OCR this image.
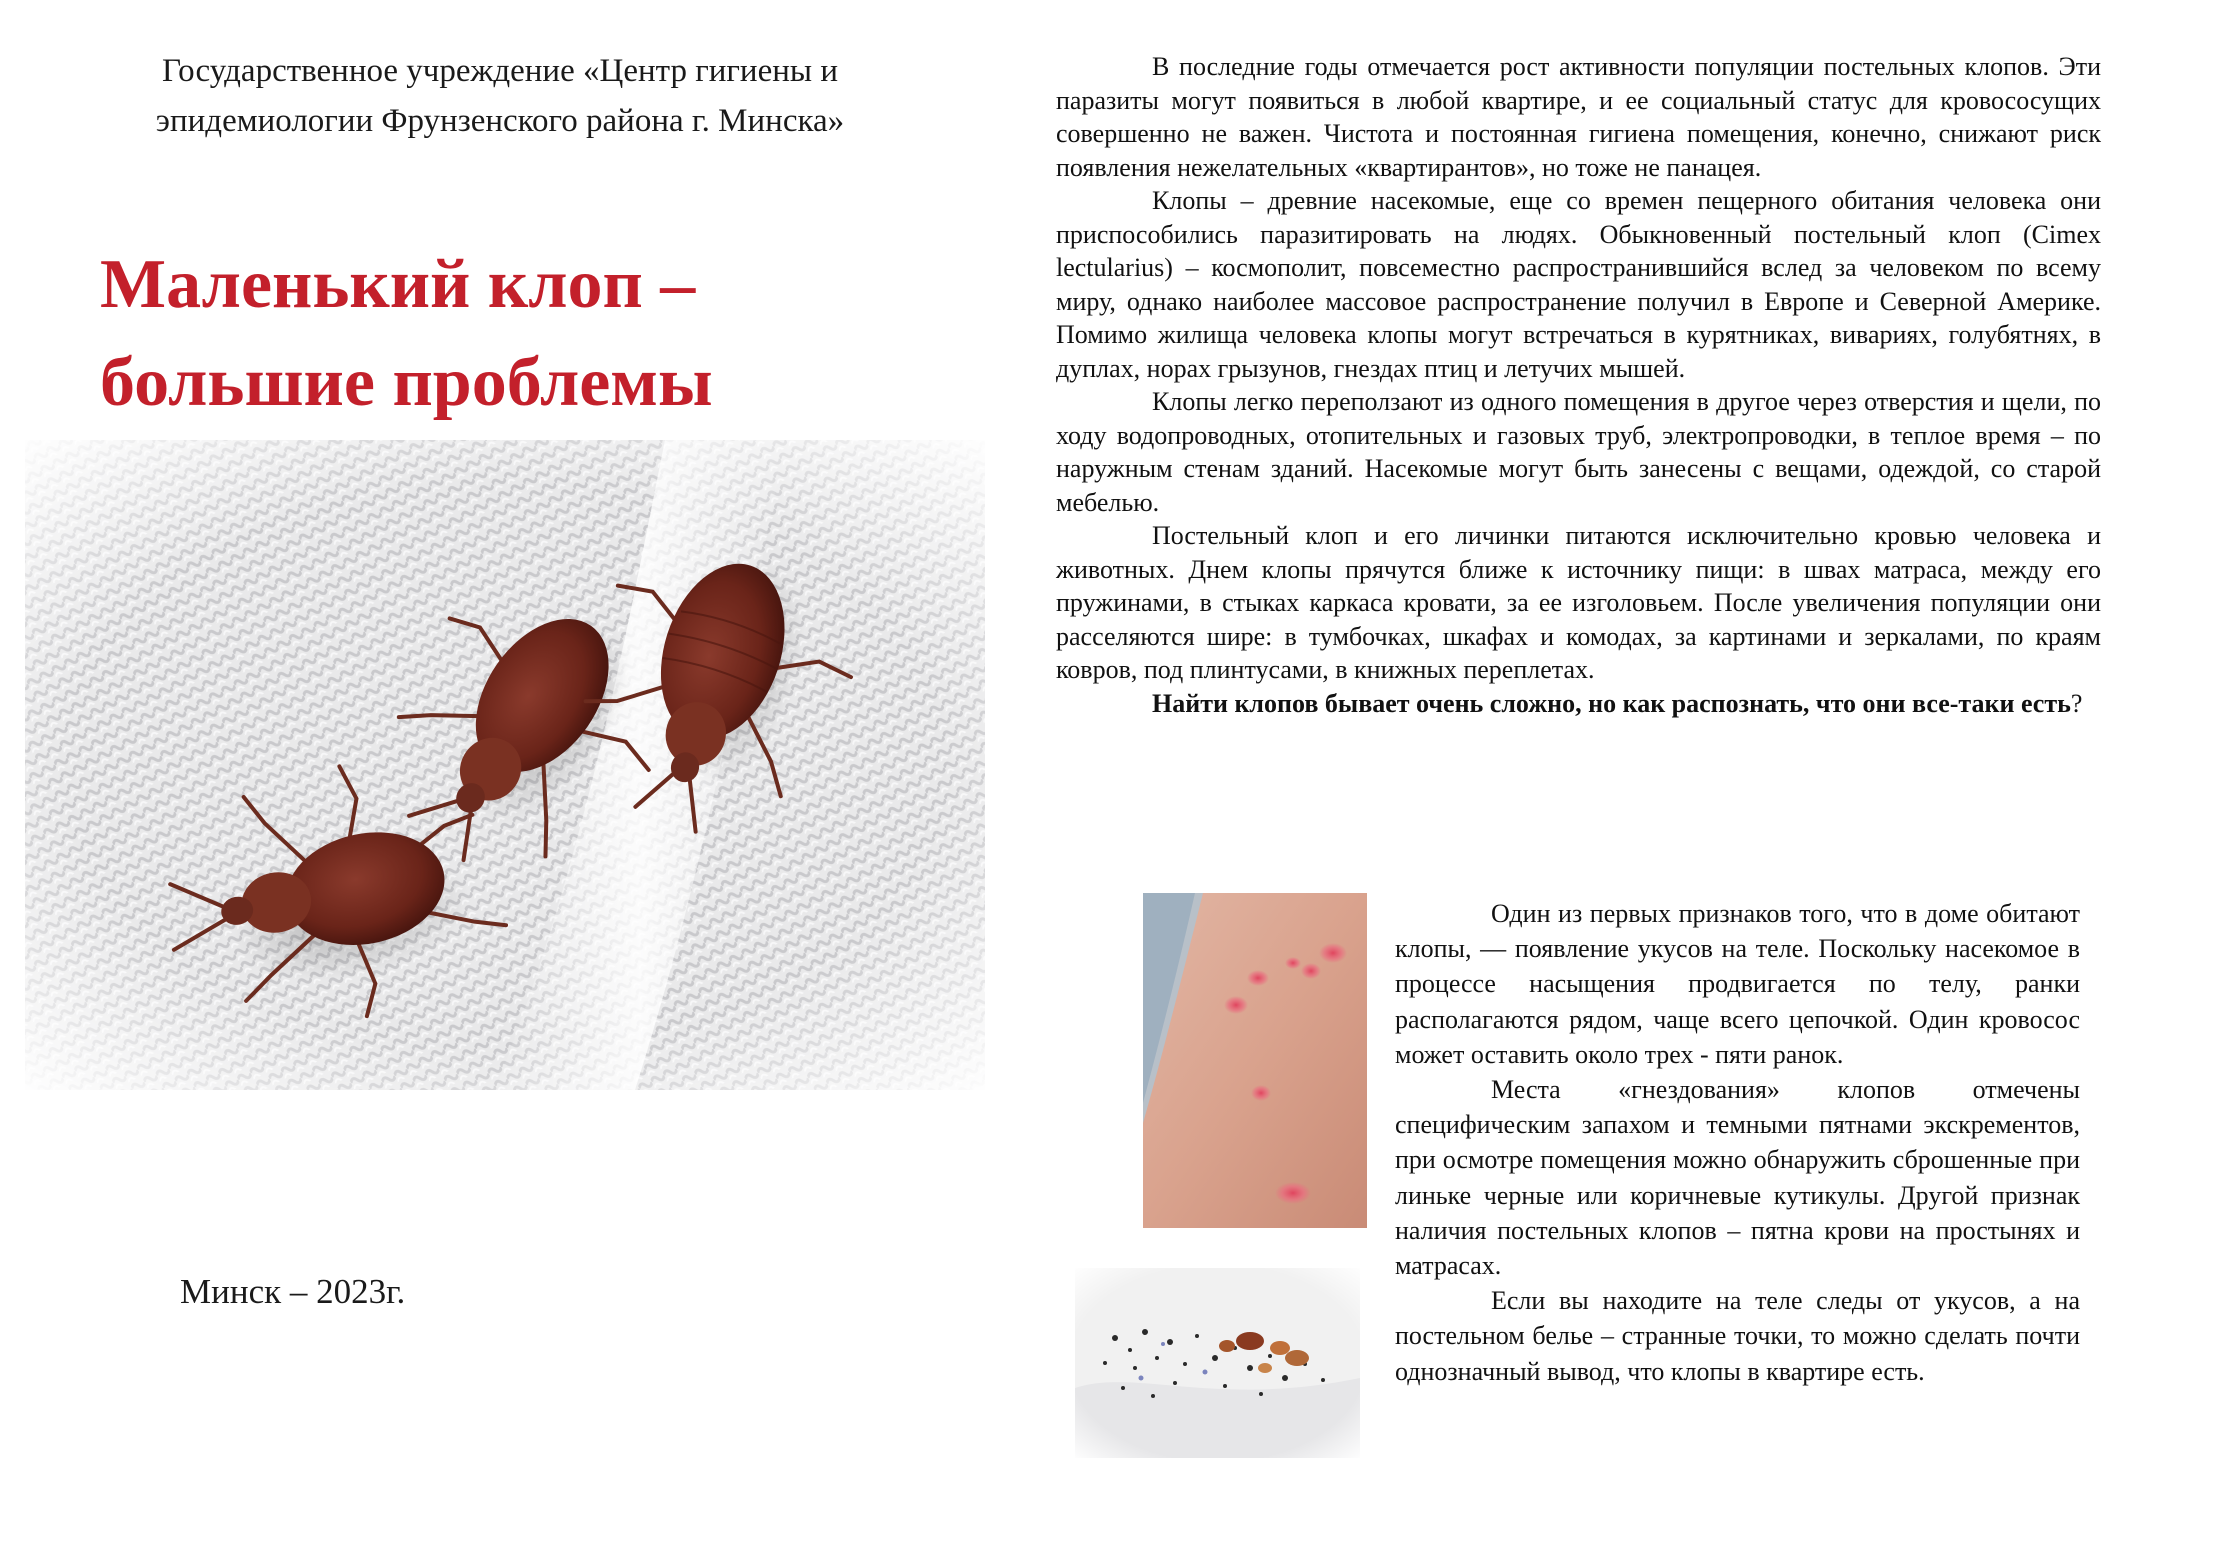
Государственное учреждение «Центр гигиены и эпидемиологии Фрунзенского района г. Минска»
Маленький клоп –
большие проблемы
Минск – 2023г.

В последние годы отмечается рост активности популяции постельных клопов. Эти паразиты могут появиться в любой квартире, и ее социальный статус для кровососущих совершенно не важен. Чистота и постоянная гигиена помещения, конечно, снижают риск появления нежелательных «квартирантов», но тоже не панацея.

Клопы – древние насекомые, еще со времен пещерного обитания человека они приспособились паразитировать на людях. Обыкновенный постельный клоп (Cimex lectularius) – космополит, повсеместно распространившийся вслед за человеком по всему миру, однако наиболее массовое распространение получил в Европе и Северной Америке. Помимо жилища человека клопы могут встречаться в курятниках, вивариях, голубятнях, в дуплах, норах грызунов, гнездах птиц и летучих мышей.

Клопы легко переползают из одного помещения в другое через отверстия и щели, по ходу водопроводных, отопительных и газовых труб, электропроводки, в теплое время – по наружным стенам зданий. Насекомые могут быть занесены с вещами, одеждой, со старой мебелью.

Постельный клоп и его личинки питаются исключительно кровью человека и животных. Днем клопы прячутся ближе к источнику пищи: в швах матраса, между его пружинами, в стыках каркаса кровати, за ее изголовьем. После увеличения популяции они расселяются шире: в тумбочках, шкафах и комодах, за картинами и зеркалами, по краям ковров, под плинтусами, в книжных переплетах.

Найти клопов бывает очень сложно, но как распознать, что они все-таки есть?

Один из первых признаков того, что в доме обитают клопы, — появление укусов на теле. Поскольку насекомое в процессе насыщения продвигается по телу, ранки располагаются рядом, чаще всего цепочкой. Один кровосос может оставить около трех - пяти ранок.

Места «гнездования» клопов отмечены специфическим запахом и темными пятнами экскрементов, при осмотре помещения можно обнаружить сброшенные при линьке черные или коричневые кутикулы. Другой признак наличия постельных клопов – пятна крови на простынях и матрасах.

Если вы находите на теле следы от укусов, а на постельном белье – странные точки, то можно сделать почти однозначный вывод, что клопы в квартире есть.
